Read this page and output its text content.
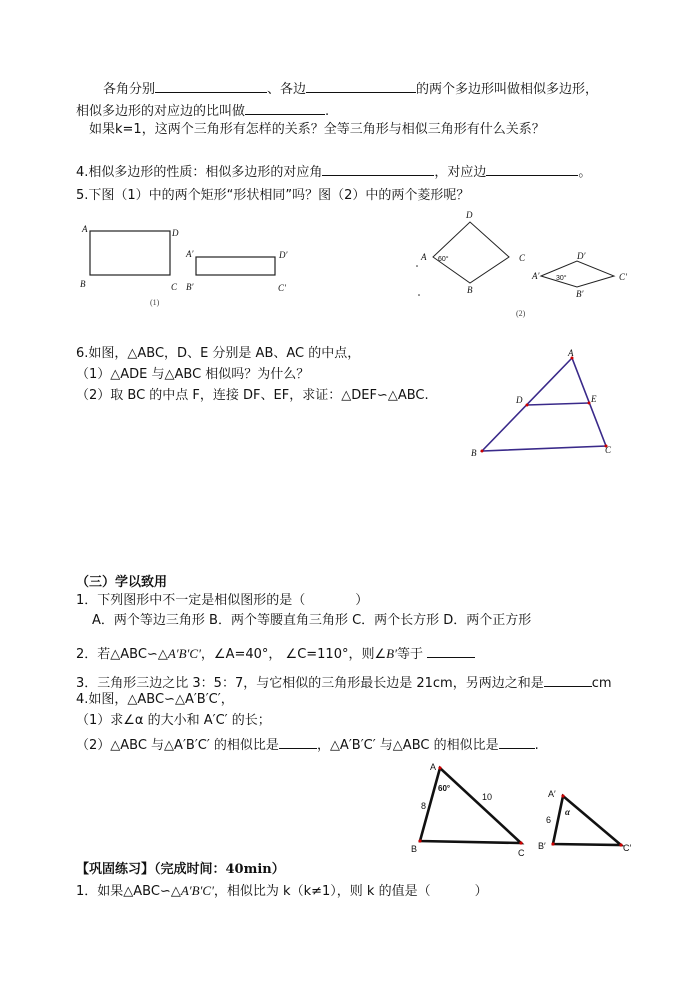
各角分别	、各边	的两个多边形叫做相似多边形，
相似多边形的对应边的比叫做	.
如果k=1，这两个三角形有怎样的关系？全等三角形与相似三角形有什么关系？
4.相似多边形的性质：相似多边形的对应角	，对应边	。
5.下图（1）中的两个矩形“形状相同”吗？图（2）中的两个菱形呢？
A	D
B	C
A′	D′
B′	C′
(1)
D
A	C
B
60°	D′
A′	C′
B′
30°
(2)
A
B	C
D	E
A
B	C
60°
8
10	A′
B′	C′
α
6
6.如图，△ABC，D、E 分别是 AB、AC 的中点，
（1）△ADE 与△ABC 相似吗？为什么？
（2）取 BC 的中点 F，连接 DF、EF，求证：△DEF∽△ABC.
（三）学以致用
1．下列图形中不一定是相似图形的是（	）
A．两个等边三角形 B．两个等腰直角三角形 C．两个长方形 D．两个正方形
2．若△ABC∽△A′B′C′，∠A=40°， ∠C=110°，则∠B′等于
3．三角形三边之比 3：5：7，与它相似的三角形最长边是 21cm，另两边之和是	cm
4.如图，△ABC∽△A′B′C′，
（1）求∠α 的大小和 A′C′ 的长；
（2）△ABC 与△A′B′C′ 的相似比是	，△A′B′C′ 与△ABC 的相似比是	.
【巩固练习】（完成时间：40min）
1．如果△ABC∽△A′B′C′，相似比为 k（k≠1），则 k 的值是（	）
